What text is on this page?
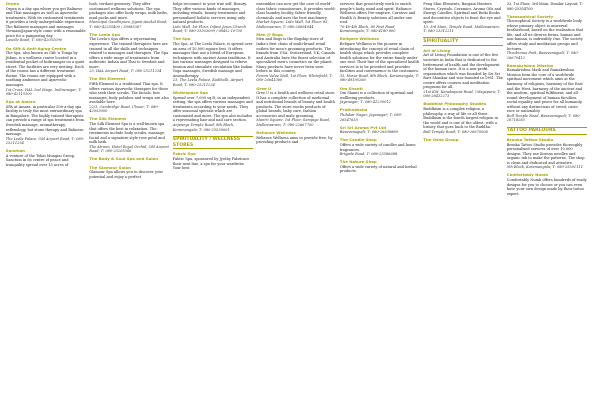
Orpea

Orpea is a day spa where you get Balinese and Thai massages as well as Ayurvedic treatments. With its customised treatments it provides a truly unforgettable experience. The Balinese massages and massages Vietnam/Japan-style come with a reasonable price for a pampering day.

Lavelle Road; T: 080-42051090

Oz Gift & Anti-Aging Centre

The Spa, also known as Gift 'n Tonga by Jitfam, is a wellness centre located in a residential pocket of Indiranagar on a quiet street. The facilities are very inviting. Each of the rooms has a different treatment theme. The rooms are equipped with a soothing ambience and Ayurvedic massages.

1st Cross, HAL 2nd Stage, Indiranagar; T: 080-42115100

Spa at Amara

SPA at Amara, in particular 500-a-day spa facility is truly the most extraordinary spa in Bangalore. The highly trained therapists can provide a range of spa treatments from Swedish massage, aromatherapy, reflexology, hot stone therapy and Balinese massage.

The Leela Palace, Old Airport Road; T: 080-25211234

Sanctum

A venture of the Tokai Mungiai Group, Sanctum in its centre of peace and tranquility spread over 15 acres of

lush, verdant greenery. They offer customised wellness solutions. The spa packages also offer body wraps, milk baths, mud packs and more.

Municipal Gandhipura, Jigani-Anekal Road; T: 080-42255400 / 30983367

The Leela Spa

The Leela's Spa offers a rejuvenating experience. The trained therapists here are trained in all the skills and techniques related to massages and therapies. The Spa offers a wide range of treatments from authentic Indian and Thai to Swedish and more.

23, HAL Airport Road; T: 080-25211234

The 5th Element

Fifth Element is a traditional Thai spa. It offers various Ayurvedic therapies for those who seek their scrubs. The facials, foot massages, body polishes and wraps are also available here.

22/3, Cambridge Road, Ulsoor; T: 080-42053000

The Silk Element

The Silk Element Spa is a well-known spa that offers the best in relaxation. The treatments include body scrubs, massage, facial and a signature style rose petal and milk bath.

The Atrium, Hotel Royal Orchid, Old Airport Road; T: 080-25205566

The Body & Soul Spa and Salon
The Glamour Salon

Glamour Spa allows you to discover your potential and enjoy a perfect

helps reconnect to your true self. Beauty. They offer various kinds of massages, including rituals, beauty treatments and personalised holistic services using only natural products.

Lido Mall, 1st Floor, Infant Jesus Church Road; T: 080-25503099 / 98452 10700

The Spa

The Spa, at The Leela Palace, is spread over an area of 10,000 square feet. It offers massages that use a blend of European techniques with ancient Asian traditions. It has various massages designed to relieve tension and stimulate circulation like Indian Yoga massages, Swedish massage and Aromatherapy.

23, The Leela Palace, Kodihalli, Airport Road; T: 080-25211234

Whitespace Spa

Spread over 7,000 sq ft, in an independent setting, the spa offers various massages and treatments according to your needs. They offer seasonal specials which are customised and more. The spa also includes a rejuvenating hair and nail care section.

Anjaneya Temple Road, 8th Block, Koramangala; T: 080-25530001

SPIRITUALITY / WELLNESS STORES
Fabric Spa

Fabric Spa, sponsored by Jyothy Fabricare their next line, a spa for your wardrobe. Your best

ensembles can now get the care of world-class fabric connoisseurs. It provides world-class laundry facility, fabric friendly chemicals and uses the best machinery.

Market Square, Lido Mall, 1st Floor, 85, Malleswaram; T: 080-26694944

Men @ Bogs

Men and Bogs is the flagship store of India's first chain of multi-brand retail outlets for men's grooming products. The brands from USA, Switzerland, UK, Canada and Australia have the finest selection of specialized men's cosmetics on the planet. Many products have never been seen before in this country.

Forum Value Mall, 1st Floor, Whitefield; T: 080-26641360

Gree U

Gree U is a health and wellness retail store. It has a complete collection of medicinal and nutritional brands of beauty and health products. The store stocks products of global brands, baby care, fashion accessories and male grooming.

Mantri Square, 1st Floor, Sampige Road, Malleswaram; T: 080-22667700

Reliance Wellness

Reliance Wellness aims to provide free, by providing products and

services that proactively work to enrich people's body, mind and spirit. Reliance Wellness offers Pre-emptive, Curative and Health & Beauty solutions all under one roof.

70-40-4th Block, 80 Feet Road, Koramangala; T: 080-4180 800

Religare Wellness

Religare Wellness is the pioneer in introducing the concept of retail chain of health shops which provides complete health solutions for the entire family under one roof. Their line of the specialised health services is to be provided and provides facilities and convenience to the customers.

33, Hosur Road, 8th Block, Koramangala; T: 080-49195266

Om Shanti

Om Shanti is a collection of spiritual and wellbeing products.

Jayanagar; T: 080-41230012

Pratheeksha

Thilakar Nagar, Jayanagar; T: 080-26547655

Sri Sri Aroma Pvt Ltd

Basavanagudi; T: 080-26508889

The Candle Shop

Offers a wide variety of candles and home fragrances.

Brigade Road; T: 080-25586688

The Nature Shop

Offers a wide variety of natural and herbal products.

Feng Shui Elements, Bargain Hunters Stores, Crystals, Ceramics, Aroma Oils and Energy Candles, Spiritual and Reiki Books and decorative objects to feast the eye and spirit.

10, 3rd Main, Temple Road, Malleswaram; T: 080-23312211

SPIRITUALITY
Art of Living

Art of Living Foundation is one of the few societies in India that is dedicated to the betterment of health and the development of the human race. It is a non-profit organisation which was founded by Sri Sri Ravi Shankar and was founded in 1981. The centre offers courses and meditation programs for all.

21st KM, Kanakapura Road, Udayapura; T: 080-28432273

Buddhist Philosophy Studies

Buddhism is a complex religion, a philosophy, a way of life or all three. Buddhism is the fourth largest religion in the world and is one of the oldest, with a history that goes back to the Buddha.

Bull Temple Road; T: 080-26670006

The Osho Group

33, 1st Floor, 3rd Main, Domlur Layout; T: 080-25354700

Theosophical Society

Theosophical Society is a worldwide body whose primary object is universal brotherhood, based on the realisation that life, and all its diverse forms, human and non-human, is indivisibly One. The society offers study and meditation groups and lectures.

Theobroma Park, Basavanagudi; T: 080-26670412

Ramakrishna Mission

Ramakrishna Math and Ramakrishna Mission form the core of a worldwide spiritual movement which aims at the harmony of religions, harmony of the East and the West, harmony of the ancient and the modern, spiritual fulfilment, and all-round development of human faculties, social equality and peace for all humanity, without any distinctions of creed, caste, race or nationality.

Bull Temple Road, Basavanagudi; T: 080-26718283

TATTOO PARLOURS
Bronka Tattoo Studio

Bronka Tattoo Studio provides thoroughly personalised services of over 10,000 designs. They use Korean needles and organic ink to make the patterns. The shop is clean and dedicated and attentive.

5th Block, Koramangala; T: 080-25501111

Comfortably Numb

Comfortably Numb offers hundreds of ready designs for you to choose or you can even have your own design made by their tattoo expert.
